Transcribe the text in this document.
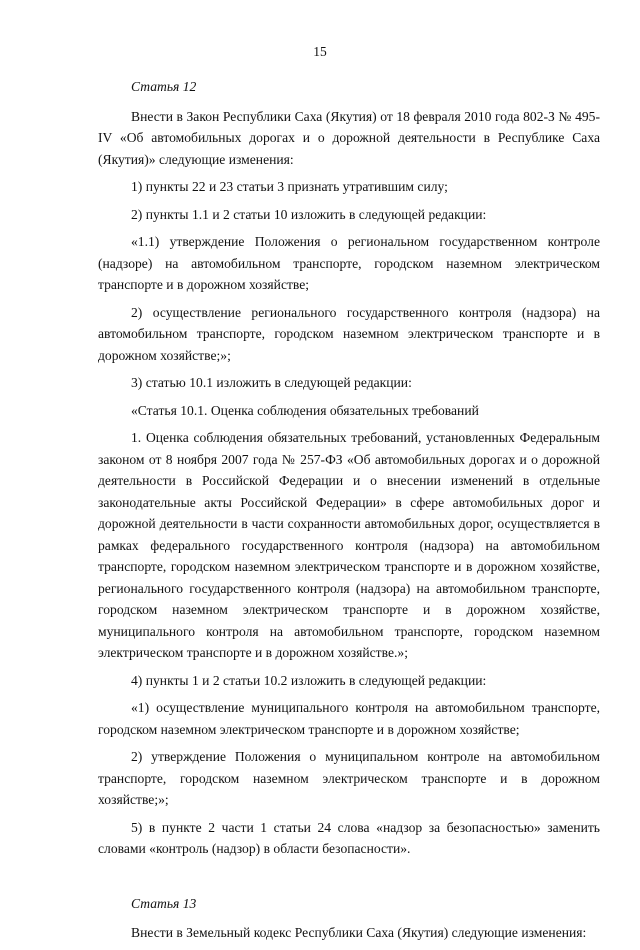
15
Статья 12

Внести в Закон Республики Саха (Якутия) от 18 февраля 2010 года 802-З № 495-IV «Об автомобильных дорогах и о дорожной деятельности в Республике Саха (Якутия)» следующие изменения:

1) пункты 22 и 23 статьи 3 признать утратившим силу;

2) пункты 1.1 и 2 статьи 10 изложить в следующей редакции:

«1.1) утверждение Положения о региональном государственном контроле (надзоре) на автомобильном транспорте, городском наземном электрическом транспорте и в дорожном хозяйстве;

2) осуществление регионального государственного контроля (надзора) на автомобильном транспорте, городском наземном электрическом транспорте и в дорожном хозяйстве;»;

3) статью 10.1 изложить в следующей редакции:

«Статья 10.1. Оценка соблюдения обязательных требований

1. Оценка соблюдения обязательных требований, установленных Федеральным законом от 8 ноября 2007 года № 257-ФЗ «Об автомобильных дорогах и о дорожной деятельности в Российской Федерации и о внесении изменений в отдельные законодательные акты Российской Федерации» в сфере автомобильных дорог и дорожной деятельности в части сохранности автомобильных дорог, осуществляется в рамках федерального государственного контроля (надзора) на автомобильном транспорте, городском наземном электрическом транспорте и в дорожном хозяйстве, регионального государственного контроля (надзора) на автомобильном транспорте, городском наземном электрическом транспорте и в дорожном хозяйстве, муниципального контроля на автомобильном транспорте, городском наземном электрическом транспорте и в дорожном хозяйстве.»;

4) пункты 1 и 2 статьи 10.2 изложить в следующей редакции:

«1) осуществление муниципального контроля на автомобильном транспорте, городском наземном электрическом транспорте и в дорожном хозяйстве;

2) утверждение Положения о муниципальном контроле на автомобильном транспорте, городском наземном электрическом транспорте и в дорожном хозяйстве;»;

5) в пункте 2 части 1 статьи 24 слова «надзор за безопасностью» заменить словами «контроль (надзор) в области безопасности».

Статья 13

Внести в Земельный кодекс Республики Саха (Якутия) следующие изменения:
